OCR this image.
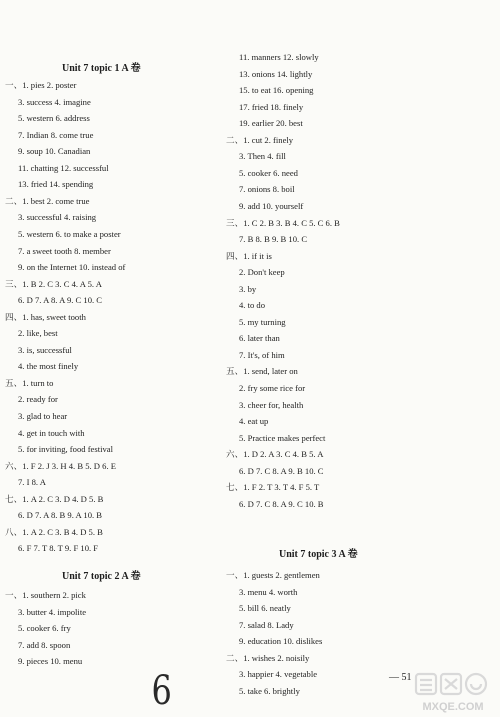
Unit 7 topic 1 A 卷
一、1. pies 2. poster
3. success 4. imagine
5. western 6. address
7. Indian 8. come true
9. soup 10. Canadian
11. chatting 12. successful
13. fried 14. spending
二、1. best 2. come true
3. successful 4. raising
5. western 6. to make a poster
7. a sweet tooth 8. member
9. on the Internet 10. instead of
三、1. B 2. C 3. C 4. A 5. A
6. D 7. A 8. A 9. C 10. C
四、1. has, sweet tooth
2. like, best
3. is, successful
4. the most finely
五、1. turn to
2. ready for
3. glad to hear
4. get in touch with
5. for inviting, food festival
六、1. F 2. J 3. H 4. B 5. D 6. E
7. I 8. A
七、1. A 2. C 3. D 4. D 5. B
6. D 7. A 8. B 9. A 10. B
八、1. A 2. C 3. B 4. D 5. B
6. F 7. T 8. T 9. F 10. F
Unit 7 topic 2 A 卷
一、1. southern 2. pick
3. butter 4. impolite
5. cooker 6. fry
7. add 8. spoon
9. pieces 10. menu
11. manners 12. slowly
13. onions 14. lightly
15. to eat 16. opening
17. fried 18. finely
19. earlier 20. best
二、1. cut 2. finely
3. Then 4. fill
5. cooker 6. need
7. onions 8. boil
9. add 10. yourself
三、1. C 2. B 3. B 4. C 5. C 6. B
7. B 8. B 9. B 10. C
四、1. if it is
2. Don't keep
3. by
4. to do
5. my turning
6. later than
7. It's, of him
五、1. send, later on
2. fry some rice for
3. cheer for, health
4. eat up
5. Practice makes perfect
六、1. D 2. A 3. C 4. B 5. A
6. D 7. C 8. A 9. B 10. C
七、1. F 2. T 3. T 4. F 5. T
6. D 7. C 8. A 9. C 10. B
Unit 7 topic 3 A 卷
一、1. guests 2. gentlemen
3. menu 4. worth
5. bill 6. neatly
7. salad 8. Lady
9. education 10. dislikes
二、1. wishes 2. noisily
3. happier 4. vegetable
5. take 6. brightly
— 51
6	MXQE.COM
